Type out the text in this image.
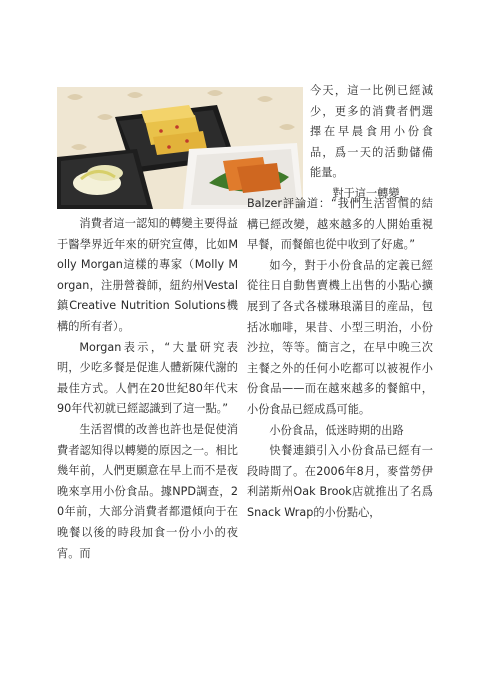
今天，這一比例已經減少，更多的消費者們選擇在早晨食用小份食品，爲一天的活動儲備能量。

對于這一轉變，

Balzer評論道：“我們生活習慣的結構已經改變，越來越多的人開始重視早餐，而餐館也從中收到了好處。”

如今，對于小份食品的定義已經從往日自動售賣機上出售的小點心擴展到了各式各樣琳琅滿目的産品，包括冰咖啡，果昔、小型三明治，小份沙拉，等等。簡言之，在早中晚三次主餐之外的任何小吃都可以被視作小份食品——而在越來越多的餐館中，小份食品已經成爲可能。

小份食品，低迷時期的出路

快餐連鎖引入小份食品已經有一段時間了。在2006年8月，麥當勞伊利諾斯州Oak Brook店就推出了名爲Snack Wrap的小份點心，

消費者這一認知的轉變主要得益于醫學界近年來的研究宣傳，比如Molly Morgan這樣的專家（Molly Morgan，注册營養師，紐約州Vestal鎮Creative Nutrition Solutions機構的所有者）。

Morgan表示，“大量研究表明，少吃多餐是促進人體新陳代謝的最佳方式。人們在20世紀80年代末90年代初就已經認識到了這一點。”

生活習慣的改善也許也是促使消費者認知得以轉變的原因之一。相比幾年前，人們更願意在早上而不是夜晚來享用小份食品。據NPD調查，20年前，大部分消費者都還傾向于在晚餐以後的時段加食一份小小的夜宵。而
